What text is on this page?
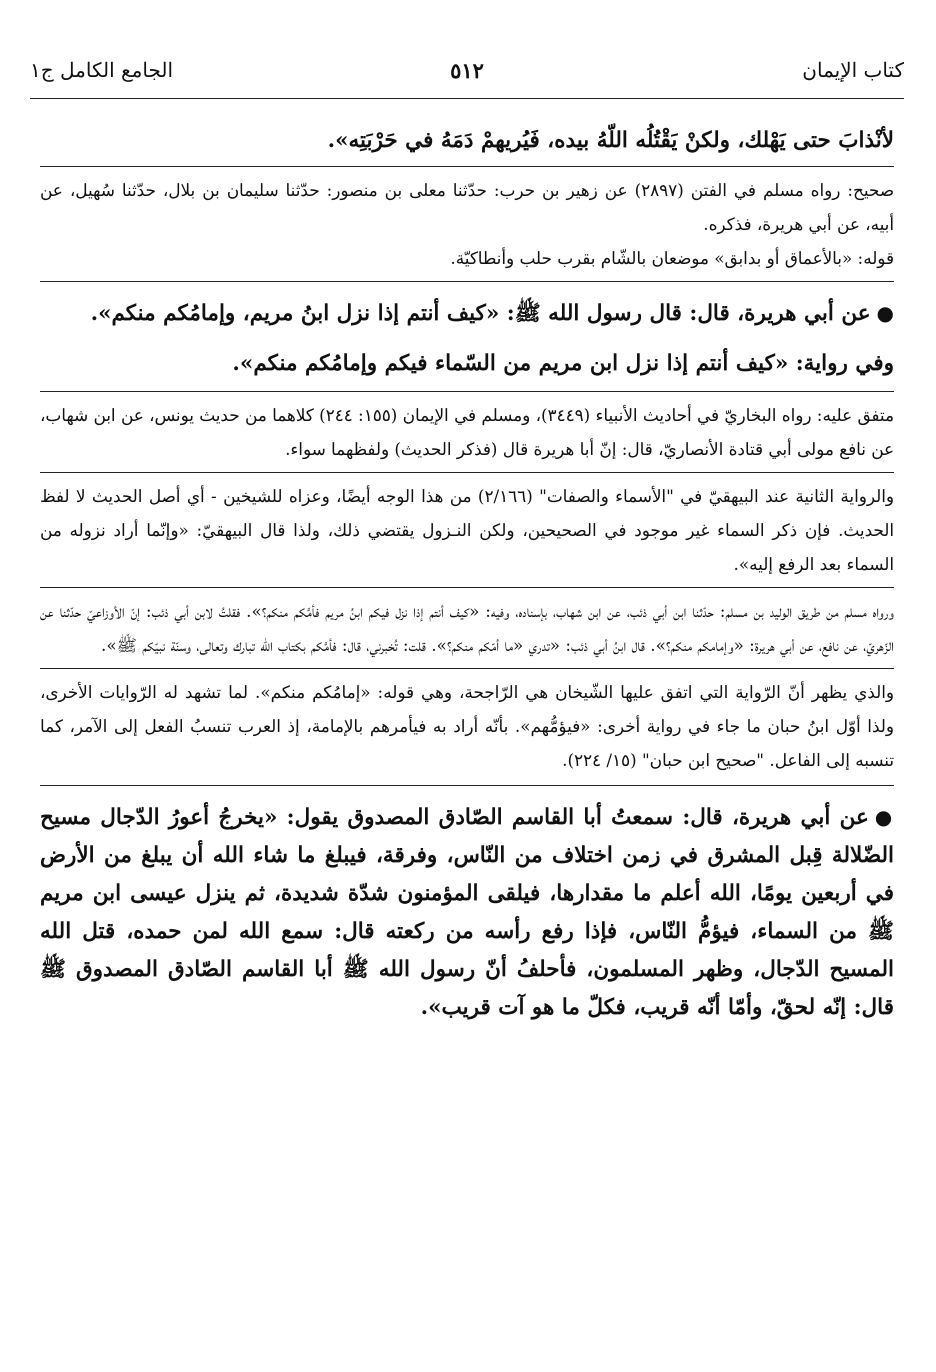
كتاب الإيمان
٥١٢
الجامع الكامل ج١

لأنْذابَ حتى يَهْلك، ولكنْ يَقْتُلُه اللّهُ بيده، فَيُريهمْ دَمَهُ في حَرْبَتِه».

صحيح: رواه مسلم في الفتن (٢٨٩٧) عن زهير بن حرب: حدّثنا معلى بن منصور: حدّثنا سليمان بن بلال، حدّثنا سُهيل، عن أبيه، عن أبي هريرة، فذكره.

قوله: «بالأعماق أو بدابق» موضعان بالشّام بقرب حلب وأنطاكيّة.

●عن أبي هريرة، قال: قال رسول الله ﷺ: «كيف أنتم إذا نزل ابنُ مريم، وإمامُكم منكم».

وفي رواية: «كيف أنتم إذا نزل ابن مريم من السّماء فيكم وإمامُكم منكم».

متفق عليه: رواه البخاريّ في أحاديث الأنبياء (٣٤٤٩)، ومسلم في الإيمان (١٥٥: ٢٤٤) كلاهما من حديث يونس، عن ابن شهاب، عن نافع مولى أبي قتادة الأنصاريّ، قال: إنّ أبا هريرة قال (فذكر الحديث) ولفظهما سواء.

والرواية الثانية عند البيهقيّ في "الأسماء والصفات" (٢/١٦٦) من هذا الوجه أيضًا، وعزاه للشيخين - أي أصل الحديث لا لفظ الحديث. فإن ذكر السماء غير موجود في الصحيحين، ولكن النـزول يقتضي ذلك، ولذا قال البيهقيّ: «وإنّما أراد نزوله من السماء بعد الرفع إليه».

ورواه مسلم من طريق الوليد بن مسلم: حدّثنا ابن أبي ذئب، عن ابن شهاب، بإسناده، وفيه: «كيف أنتم إذا نزل فيكم ابنُ مريم فأمَّكم منكم؟». فقلتُ لابن أبي ذئب: إنّ الأوزاعيّ حدّثنا عن الزّهريّ، عن نافع، عن أبي هريرة: «وإمامكم منكم؟». قال ابنُ أبي ذئب: «تدري «ما أمّكم منكم؟». قلت: تُخبرني، قال: فأمَّكم بكتاب الله تبارك وتعالى، وسنّة نبيّكم ﷺ».

والذي يظهر أنّ الرّواية التي اتفق عليها الشّيخان هي الرّاجحة، وهي قوله: «إمامُكم منكم». لما تشهد له الرّوايات الأخرى، ولذا أوّل ابنُ حبان ما جاء في رواية أخرى: «فيؤمُّهم». بأنّه أراد به فيأمرهم بالإمامة، إذ العرب تنسبُ الفعل إلى الآمر، كما تنسبه إلى الفاعل. "صحيح ابن حبان" (١٥/ ٢٢٤).

●عن أبي هريرة، قال: سمعتُ أبا القاسم الصّادق المصدوق يقول: «يخرجُ أعورُ الدّجال مسيح الضّلالة قِبل المشرق في زمن اختلاف من النّاس، وفرقة، فيبلغ ما شاء الله أن يبلغ من الأرض في أربعين يومًا، الله أعلم ما مقدارها، فيلقى المؤمنون شدّة شديدة، ثم ينزل عيسى ابن مريم ﷺ من السماء، فيؤمُّ النّاس، فإذا رفع رأسه من ركعته قال: سمع الله لمن حمده، قتل الله المسيح الدّجال، وظهر المسلمون، فأحلفُ أنّ رسول الله ﷺ أبا القاسم الصّادق المصدوق ﷺ قال: إنّه لحقّ، وأمّا أنّه قريب، فكلّ ما هو آت قريب».
